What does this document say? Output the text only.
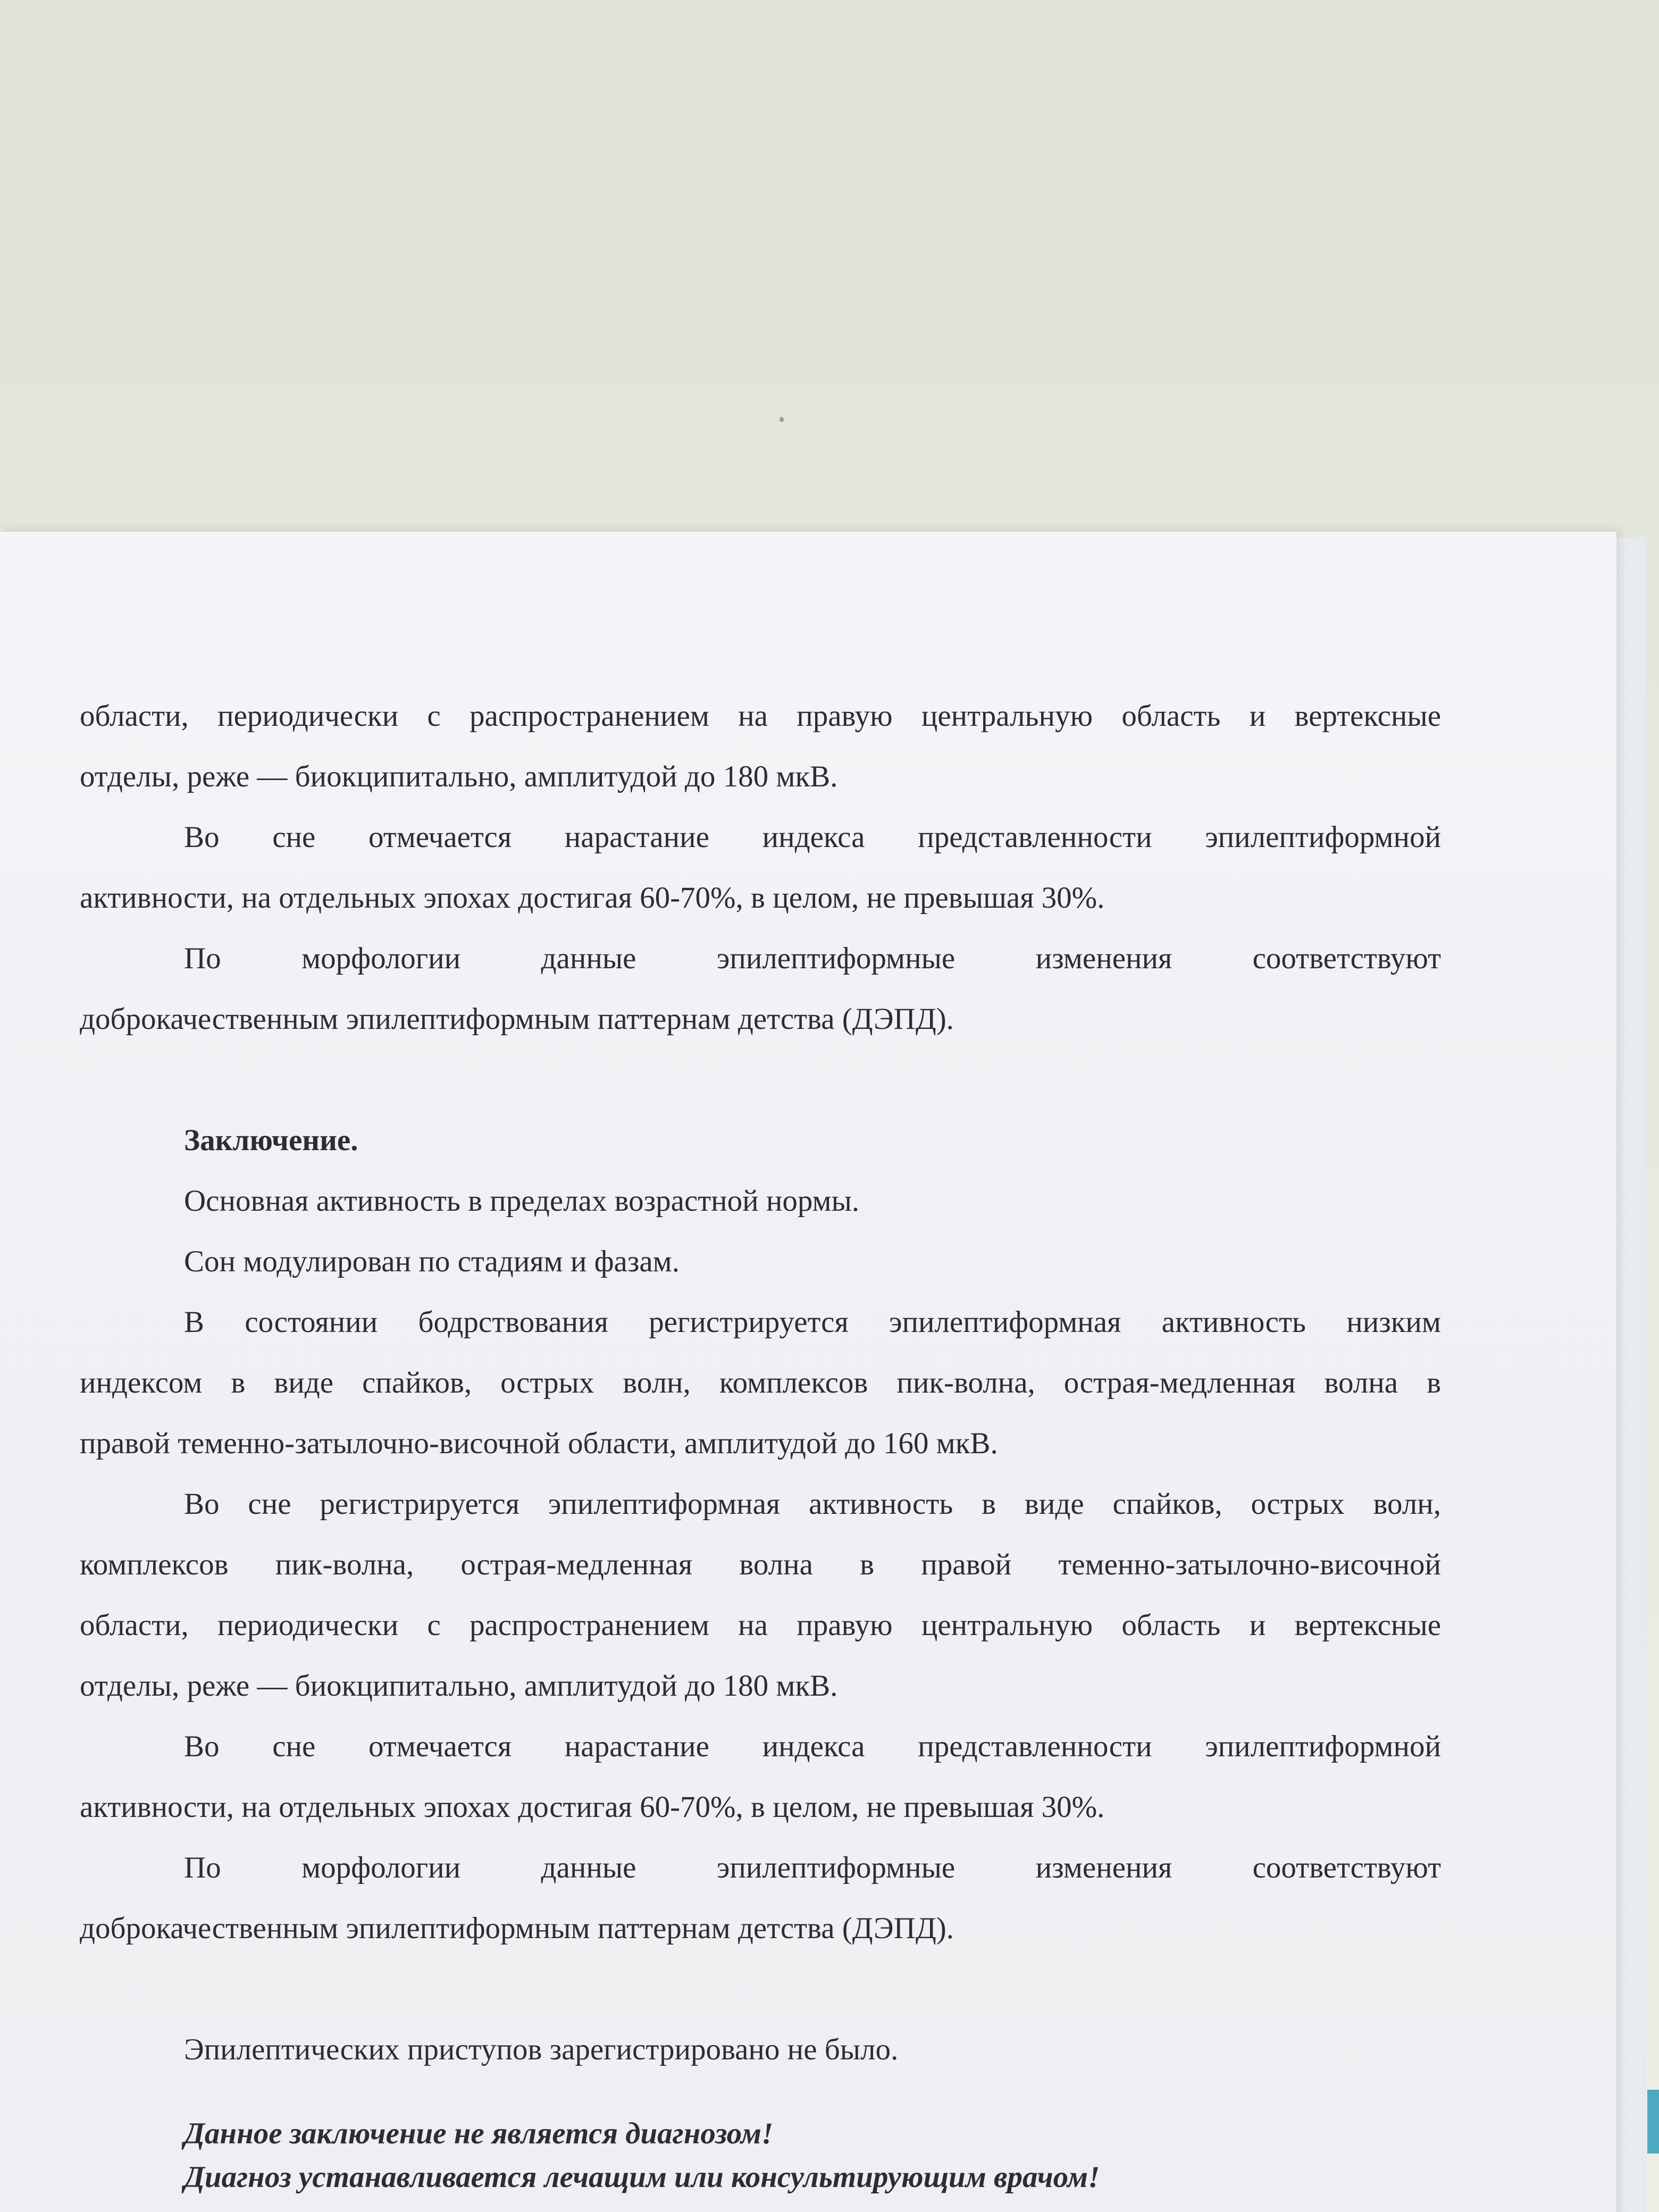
области, периодически с распространением на правую центральную область и вертексные
отделы, реже — биокципитально, амплитудой до 180 мкВ.
Во сне отмечается нарастание индекса представленности эпилептиформной
активности, на отдельных эпохах достигая 60-70%, в целом, не превышая 30%.
По морфологии данные эпилептиформные изменения соответствуют
доброкачественным эпилептиформным паттернам детства (ДЭПД).
Заключение.
Основная активность в пределах возрастной нормы.
Сон модулирован по стадиям и фазам.
В состоянии бодрствования регистрируется эпилептиформная активность низким
индексом в виде спайков, острых волн, комплексов пик-волна, острая-медленная волна в
правой теменно-затылочно-височной области, амплитудой до 160 мкВ.
Во сне регистрируется эпилептиформная активность в виде спайков, острых волн,
комплексов пик-волна, острая-медленная волна в правой теменно-затылочно-височной
области, периодически с распространением на правую центральную область и вертексные
отделы, реже — биокципитально, амплитудой до 180 мкВ.
Во сне отмечается нарастание индекса представленности эпилептиформной
активности, на отдельных эпохах достигая 60-70%, в целом, не превышая 30%.
По морфологии данные эпилептиформные изменения соответствуют
доброкачественным эпилептиформным паттернам детства (ДЭПД).
Эпилептических приступов зарегистрировано не было.
Данное заключение не является диагнозом!
Диагноз устанавливается лечащим или консультирующим врачом!
